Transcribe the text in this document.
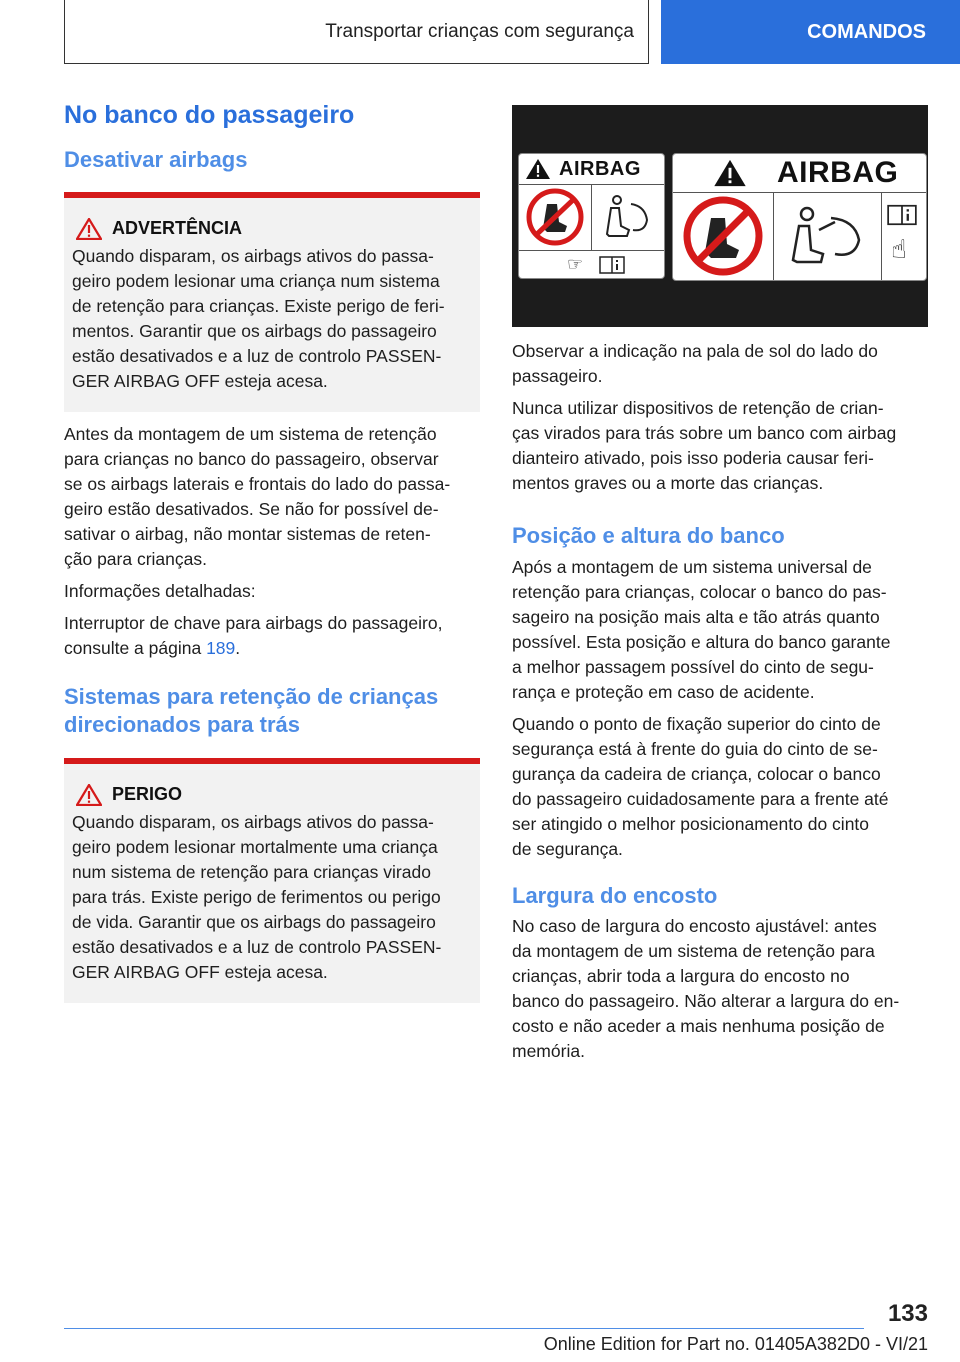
Transportar crianças com segurança	COMANDOS
No banco do passageiro
Desativar airbags
ADVERTÊNCIA

Quando disparam, os airbags ativos do passa-

geiro podem lesionar uma criança num sistema

de retenção para crianças. Existe perigo de feri-

mentos. Garantir que os airbags do passageiro

estão desativados e a luz de controlo PASSEN-

GER AIRBAG OFF esteja acesa.

Antes da montagem de um sistema de retenção

para crianças no banco do passageiro, observar

se os airbags laterais e frontais do lado do passa-

geiro estão desativados. Se não for possível de-

sativar o airbag, não montar sistemas de reten-

ção para crianças.

Informações detalhadas:

Interruptor de chave para airbags do passageiro,

consulte a página 189.

Sistemas para retenção de crianças
direcionados para trás
PERIGO

Quando disparam, os airbags ativos do passa-

geiro podem lesionar mortalmente uma criança

num sistema de retenção para crianças virado

para trás. Existe perigo de ferimentos ou perigo

de vida. Garantir que os airbags do passageiro

estão desativados e a luz de controlo PASSEN-

GER AIRBAG OFF esteja acesa.

AIRBAG
☞
AIRBAG
☝

Observar a indicação na pala de sol do lado do

passageiro.

Nunca utilizar dispositivos de retenção de crian-

ças virados para trás sobre um banco com airbag

dianteiro ativado, pois isso poderia causar feri-

mentos graves ou a morte das crianças.

Posição e altura do banco

Após a montagem de um sistema universal de

retenção para crianças, colocar o banco do pas-

sageiro na posição mais alta e tão atrás quanto

possível. Esta posição e altura do banco garante

a melhor passagem possível do cinto de segu-

rança e proteção em caso de acidente.

Quando o ponto de fixação superior do cinto de

segurança está à frente do guia do cinto de se-

gurança da cadeira de criança, colocar o banco

do passageiro cuidadosamente para a frente até

ser atingido o melhor posicionamento do cinto

de segurança.

Largura do encosto

No caso de largura do encosto ajustável: antes

da montagem de um sistema de retenção para

crianças, abrir toda a largura do encosto no

banco do passageiro. Não alterar a largura do en-

costo e não aceder a mais nenhuma posição de

memória.

133
Online Edition for Part no. 01405A382D0 - VI/21
